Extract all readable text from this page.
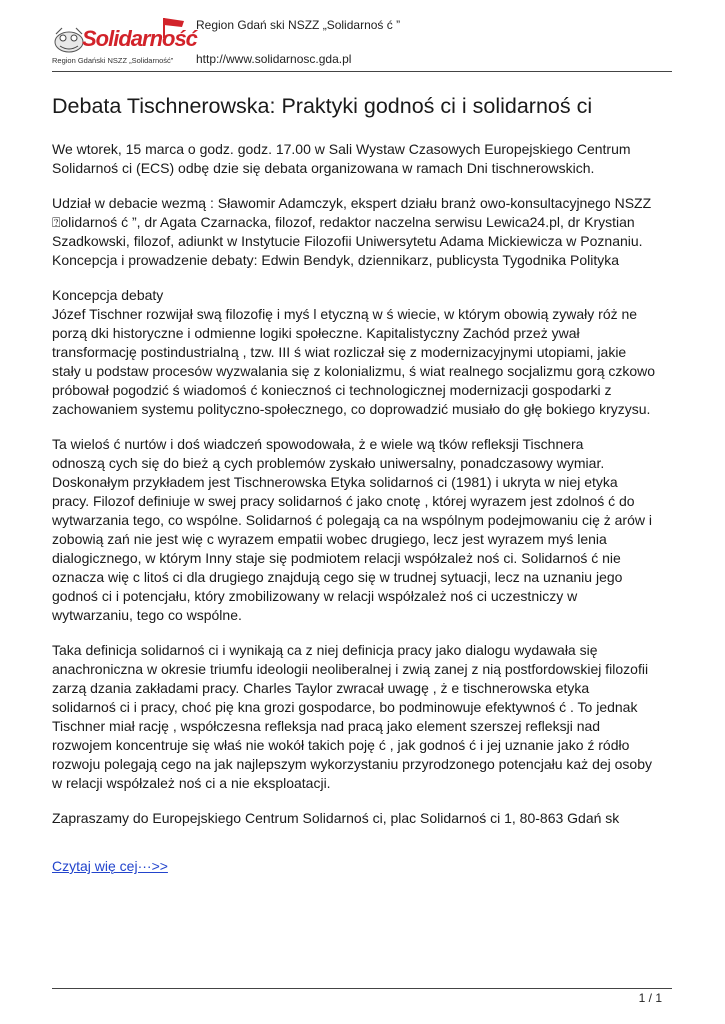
Solidarność
Region Gdański NSZZ „Solidarność”
Region Gdań ski NSZZ „Solidarnoś ć ”
http://www.solidarnosc.gda.pl
Debata Tischnerowska: Praktyki godnoś ci i solidarnoś ci

We wtorek, 15 marca o godz. godz. 17.00 w Sali Wystaw Czasowych Europejskiego Centrum
Solidarnoś ci (ECS) odbę dzie się debata organizowana w ramach Dni tischnerowskich.

Udział w debacie wezmą : Sławomir Adamczyk, ekspert działu branż owo-konsultacyjnego NSZZ
⍰olidarnoś ć ”, dr Agata Czarnacka, filozof, redaktor naczelna serwisu Lewica24.pl, dr Krystian
Szadkowski, filozof, adiunkt w Instytucie Filozofii Uniwersytetu Adama Mickiewicza w Poznaniu.
Koncepcja i prowadzenie debaty: Edwin Bendyk, dziennikarz, publicysta Tygodnika Polityka

Koncepcja debaty
Józef Tischner rozwijał swą filozofię i myś l etyczną w ś wiecie, w którym obowią zywały róż ne
porzą dki historyczne i odmienne logiki społeczne. Kapitalistyczny Zachód przeż ywał
transformację postindustrialną , tzw. III ś wiat rozliczał się z modernizacyjnymi utopiami, jakie
stały u podstaw procesów wyzwalania się z kolonializmu, ś wiat realnego socjalizmu gorą czkowo
próbował pogodzić ś wiadomoś ć koniecznoś ci technologicznej modernizacji gospodarki z
zachowaniem systemu polityczno-społecznego, co doprowadzić musiało do głę bokiego kryzysu.

Ta wieloś ć nurtów i doś wiadczeń spowodowała, ż e wiele wą tków refleksji Tischnera
odnoszą cych się do bież ą cych problemów zyskało uniwersalny, ponadczasowy wymiar.
Doskonałym przykładem jest Tischnerowska Etyka solidarnoś ci (1981) i ukryta w niej etyka
pracy. Filozof definiuje w swej pracy solidarnoś ć jako cnotę , której wyrazem jest zdolnoś ć do
wytwarzania tego, co wspólne. Solidarnoś ć polegają ca na wspólnym podejmowaniu cię ż arów i
zobowią zań nie jest wię c wyrazem empatii wobec drugiego, lecz jest wyrazem myś lenia
dialogicznego, w którym Inny staje się podmiotem relacji współzależ noś ci. Solidarnoś ć nie
oznacza wię c litoś ci dla drugiego znajdują cego się w trudnej sytuacji, lecz na uznaniu jego
godnoś ci i potencjału, który zmobilizowany w relacji współzależ noś ci uczestniczy w
wytwarzaniu, tego co wspólne.

Taka definicja solidarnoś ci i wynikają ca z niej definicja pracy jako dialogu wydawała się
anachroniczna w okresie triumfu ideologii neoliberalnej i zwią zanej z nią postfordowskiej filozofii
zarzą dzania zakładami pracy. Charles Taylor zwracał uwagę , ż e tischnerowska etyka
solidarnoś ci i pracy, choć pię kna grozi gospodarce, bo podminowuje efektywnoś ć . To jednak
Tischner miał rację , współczesna refleksja nad pracą jako element szerszej refleksji nad
rozwojem koncentruje się właś nie wokół takich poję ć , jak godnoś ć i jej uznanie jako ź ródło
rozwoju polegają cego na jak najlepszym wykorzystaniu przyrodzonego potencjału każ dej osoby
w relacji współzależ noś ci a nie eksploatacji.

Zapraszamy do Europejskiego Centrum Solidarnoś ci, plac Solidarnoś ci 1, 80-863 Gdań sk

Czytaj wię cej···>>
1 / 1
